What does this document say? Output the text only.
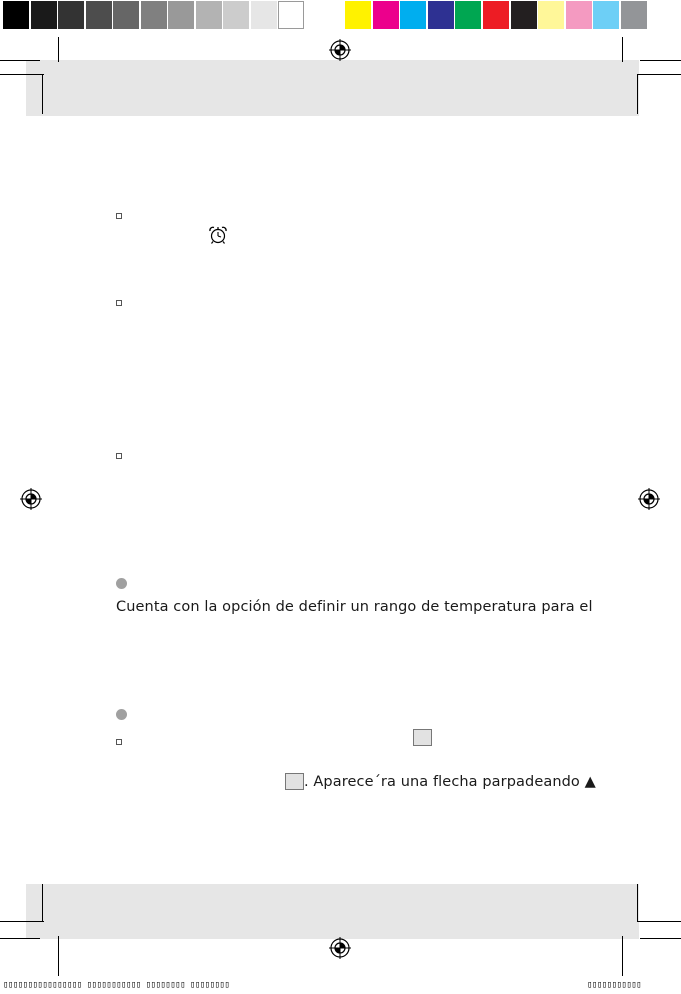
Cuenta con la opción de definir un rango de temperatura para el
. Aparece´ra una flecha parpadeando ▲
▯▯▯▯▯▯▯▯▯▯▯▯▯▯▯▯ ▯▯▯▯▯▯▯▯▯▯▯ ▯▯▯▯▯▯▯▯ ▯▯▯▯▯▯▯▯	▯▯▯▯▯▯▯▯▯▯▯
